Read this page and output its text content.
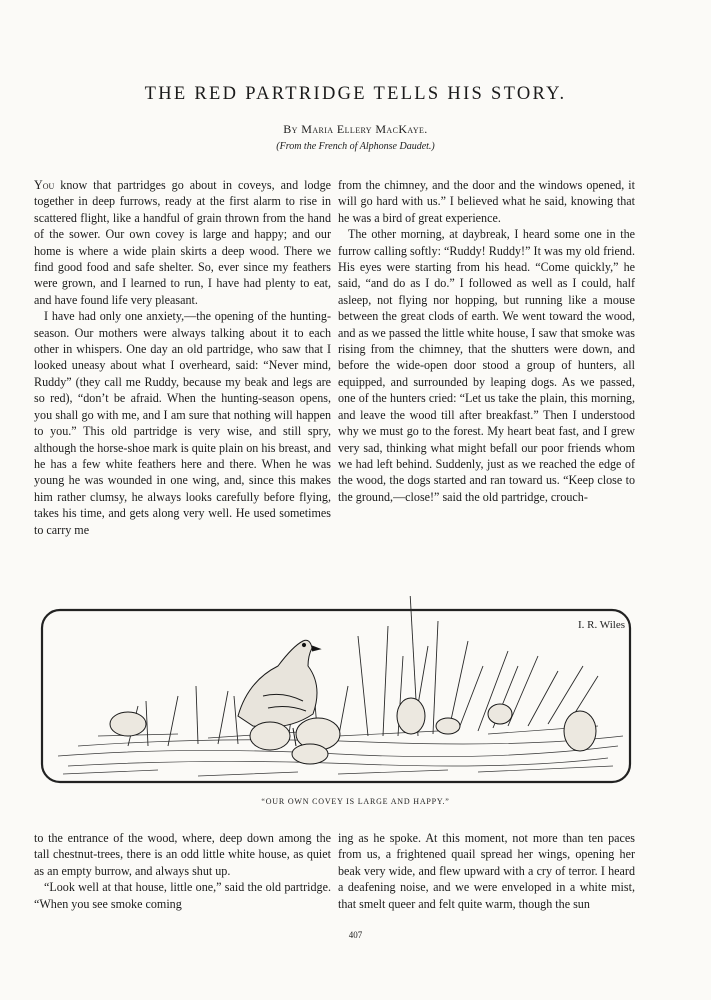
THE RED PARTRIDGE TELLS HIS STORY.
By Maria Ellery MacKaye.
(From the French of Alphonse Daudet.)

You know that partridges go about in coveys, and lodge together in deep furrows, ready at the first alarm to rise in scattered flight, like a handful of grain thrown from the hand of the sower. Our own covey is large and happy; and our home is where a wide plain skirts a deep wood. There we find good food and safe shelter. So, ever since my feathers were grown, and I learned to run, I have had plenty to eat, and have found life very pleasant.

I have had only one anxiety,—the opening of the hunting-season. Our mothers were always talking about it to each other in whispers. One day an old partridge, who saw that I looked uneasy about what I overheard, said: “Never mind, Ruddy” (they call me Ruddy, because my beak and legs are so red), “don’t be afraid. When the hunting-season opens, you shall go with me, and I am sure that nothing will happen to you.” This old partridge is very wise, and still spry, although the horse-shoe mark is quite plain on his breast, and he has a few white feathers here and there. When he was young he was wounded in one wing, and, since this makes him rather clumsy, he always looks carefully before flying, takes his time, and gets along very well. He used sometimes to carry me

from the chimney, and the door and the windows opened, it will go hard with us.” I believed what he said, knowing that he was a bird of great experience.

The other morning, at daybreak, I heard some one in the furrow calling softly: “Ruddy! Ruddy!” It was my old friend. His eyes were starting from his head. “Come quickly,” he said, “and do as I do.” I followed as well as I could, half asleep, not flying nor hopping, but running like a mouse between the great clods of earth. We went toward the wood, and as we passed the little white house, I saw that smoke was rising from the chimney, that the shutters were down, and before the wide-open door stood a group of hunters, all equipped, and surrounded by leaping dogs. As we passed, one of the hunters cried: “Let us take the plain, this morning, and leave the wood till after breakfast.” Then I understood why we must go to the forest. My heart beat fast, and I grew very sad, thinking what might befall our poor friends whom we had left behind. Suddenly, just as we reached the edge of the wood, the dogs started and ran toward us. “Keep close to the ground,—close!” said the old partridge, crouch-

I. R. Wiles
“OUR OWN COVEY IS LARGE AND HAPPY.”

to the entrance of the wood, where, deep down among the tall chestnut-trees, there is an odd little white house, as quiet as an empty burrow, and always shut up.

“Look well at that house, little one,” said the old partridge. “When you see smoke coming

ing as he spoke. At this moment, not more than ten paces from us, a frightened quail spread her wings, opening her beak very wide, and flew upward with a cry of terror. I heard a deafening noise, and we were enveloped in a white mist, that smelt queer and felt quite warm, though the sun

407
